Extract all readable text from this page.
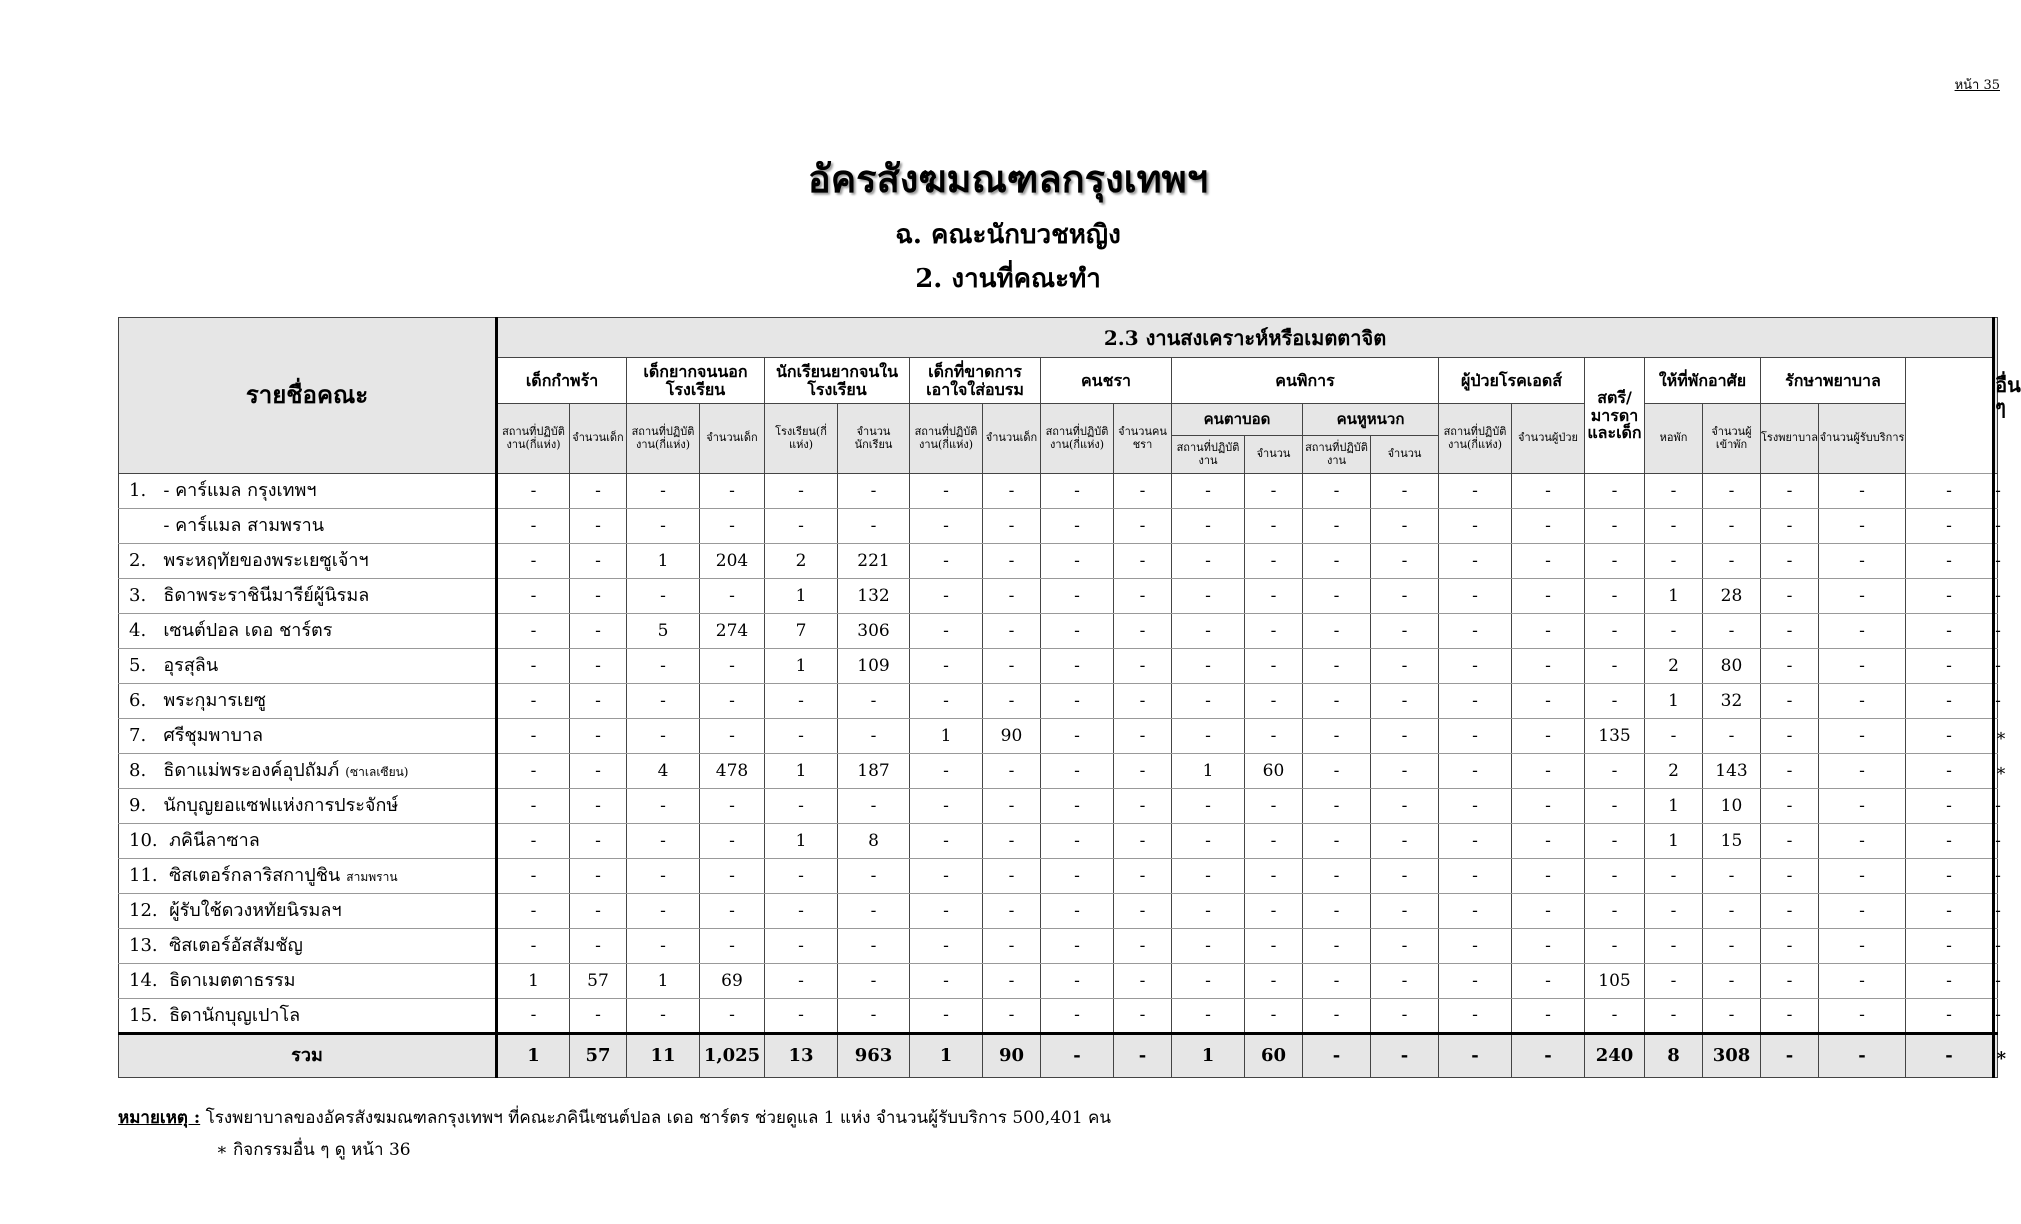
หน้า 35
อัครสังฆมณฑลกรุงเทพฯ
ฉ. คณะนักบวชหญิง
2. งานที่คณะทำ
รายชื่อคณะ	2.3 งานสงเคราะห์หรือเมตตาจิต																						อื่น ๆ
	เด็กกำพร้า		เด็กยากจนนอกโรงเรียน		นักเรียนยากจนในโรงเรียน		เด็กที่ขาดการเอาใจใส่อบรม		คนชรา		คนพิการ				ผู้ป่วยโรคเอดส์		สตรี/มารดาและเด็ก	ให้ที่พักอาศัย		รักษาพยาบาล			
	สถานที่ปฏิบัติงาน(กี่แห่ง)	จำนวนเด็ก	สถานที่ปฏิบัติงาน(กี่แห่ง)	จำนวนเด็ก	โรงเรียน(กี่แห่ง)	จำนวนนักเรียน	สถานที่ปฏิบัติงาน(กี่แห่ง)	จำนวนเด็ก	สถานที่ปฏิบัติงาน(กี่แห่ง)	จำนวนคนชรา	คนตาบอด		คนหูหนวก		สถานที่ปฏิบัติงาน(กี่แห่ง)	จำนวนผู้ป่วย		หอพัก	จำนวนผู้เข้าพัก	โรงพยาบาล	จำนวนผู้รับบริการ		
											สถานที่ปฏิบัติงาน	จำนวน	สถานที่ปฏิบัติงาน	จำนวน									
1.   - คาร์แมล กรุงเทพฯ	-	-	-	-	-	-	-	-	-	-	-	-	-	-	-	-	-	-	-	-	-	-	-
- คาร์แมล สามพราน	-	-	-	-	-	-	-	-	-	-	-	-	-	-	-	-	-	-	-	-	-	-	-
2.   พระหฤทัยของพระเยซูเจ้าฯ	-	-	1	204	2	221	-	-	-	-	-	-	-	-	-	-	-	-	-	-	-	-	-
3.   ธิดาพระราชินีมารีย์ผู้นิรมล	-	-	-	-	1	132	-	-	-	-	-	-	-	-	-	-	-	1	28	-	-	-	-
4.   เซนต์ปอล เดอ ชาร์ตร	-	-	5	274	7	306	-	-	-	-	-	-	-	-	-	-	-	-	-	-	-	-	-
5.   อุรสุลิน	-	-	-	-	1	109	-	-	-	-	-	-	-	-	-	-	-	2	80	-	-	-	-
6.   พระกุมารเยซู	-	-	-	-	-	-	-	-	-	-	-	-	-	-	-	-	-	1	32	-	-	-	-
7.   ศรีชุมพาบาล	-	-	-	-	-	-	1	90	-	-	-	-	-	-	-	-	135	-	-	-	-	-	∗
8.   ธิดาแม่พระองค์อุปถัมภ์ (ซาเลเซียน)	-	-	4	478	1	187	-	-	-	-	1	60	-	-	-	-	-	2	143	-	-	-	∗
9.   นักบุญยอแซฟแห่งการประจักษ์	-	-	-	-	-	-	-	-	-	-	-	-	-	-	-	-	-	1	10	-	-	-	-
10.  ภคินีลาซาล	-	-	-	-	1	8	-	-	-	-	-	-	-	-	-	-	-	1	15	-	-	-	-
11.  ซิสเตอร์กลาริสกาปูชิน สามพราน	-	-	-	-	-	-	-	-	-	-	-	-	-	-	-	-	-	-	-	-	-	-	-
12.  ผู้รับใช้ดวงหทัยนิรมลฯ	-	-	-	-	-	-	-	-	-	-	-	-	-	-	-	-	-	-	-	-	-	-	-
13.  ซิสเตอร์อัสสัมชัญ	-	-	-	-	-	-	-	-	-	-	-	-	-	-	-	-	-	-	-	-	-	-	-
14.  ธิดาเมตตาธรรม	1	57	1	69	-	-	-	-	-	-	-	-	-	-	-	-	105	-	-	-	-	-	-
15.  ธิดานักบุญเปาโล	-	-	-	-	-	-	-	-	-	-	-	-	-	-	-	-	-	-	-	-	-	-	-
รวม	1	57	11	1,025	13	963	1	90	-	-	1	60	-	-	-	-	240	8	308	-	-	-	∗
หมายเหตุ : โรงพยาบาลของอัครสังฆมณฑลกรุงเทพฯ ที่คณะภคินีเซนต์ปอล เดอ ชาร์ตร ช่วยดูแล 1 แห่ง จำนวนผู้รับบริการ 500,401 คน
∗ กิจกรรมอื่น ๆ ดู หน้า 36
